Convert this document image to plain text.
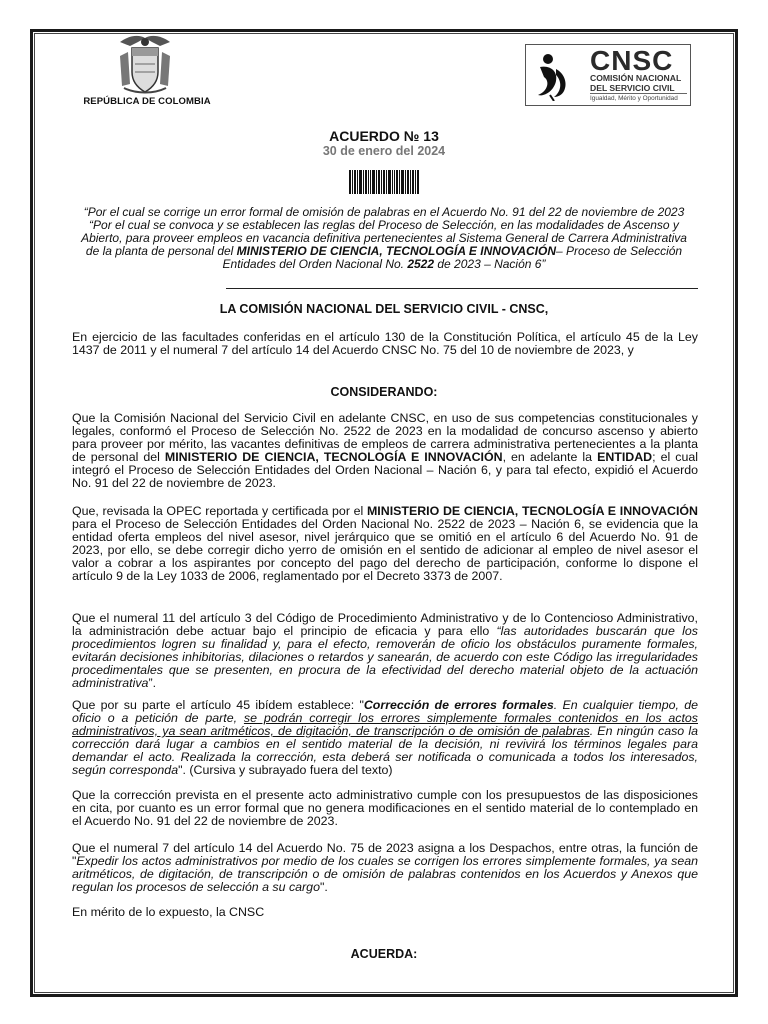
REPÚBLICA DE COLOMBIA
CNSC
COMISIÓN NACIONAL
DEL SERVICIO CIVIL
Igualdad, Mérito y Oportunidad
ACUERDO № 13
30 de enero del 2024
“Por el cual se corrige un error formal de omisión de palabras en el Acuerdo No. 91 del 22 de noviembre de 2023 “Por el cual se convoca y se establecen las reglas del Proceso de Selección, en las modalidades de Ascenso y Abierto, para proveer empleos en vacancia definitiva pertenecientes al Sistema General de Carrera Administrativa de la planta de personal del MINISTERIO DE CIENCIA, TECNOLOGÍA E INNOVACIÓN– Proceso de Selección Entidades del Orden Nacional No. 2522 de 2023 – Nación 6”
LA COMISIÓN NACIONAL DEL SERVICIO CIVIL - CNSC,

En ejercicio de las facultades conferidas en el artículo 130 de la Constitución Política, el artículo 45 de la Ley 1437 de 2011 y el numeral 7 del artículo 14 del Acuerdo CNSC No. 75 del 10 de noviembre de 2023, y

CONSIDERANDO:

Que la Comisión Nacional del Servicio Civil en adelante CNSC, en uso de sus competencias constitucionales y legales, conformó el Proceso de Selección No. 2522 de 2023 en la modalidad de concurso ascenso y abierto para proveer por mérito, las vacantes definitivas de empleos de carrera administrativa pertenecientes a la planta de personal del MINISTERIO DE CIENCIA, TECNOLOGÍA E INNOVACIÓN, en adelante la ENTIDAD; el cual integró el Proceso de Selección Entidades del Orden Nacional – Nación 6, y para tal efecto, expidió el Acuerdo No. 91 del 22 de noviembre de 2023.

Que, revisada la OPEC reportada y certificada por el MINISTERIO DE CIENCIA, TECNOLOGÍA E INNOVACIÓN para el Proceso de Selección Entidades del Orden Nacional No. 2522 de 2023 – Nación 6, se evidencia que la entidad oferta empleos del nivel asesor, nivel jerárquico que se omitió en el artículo 6 del Acuerdo No. 91 de 2023, por ello, se debe corregir dicho yerro de omisión en el sentido de adicionar al empleo de nivel asesor el valor a cobrar a los aspirantes por concepto del pago del derecho de participación, conforme lo dispone el artículo 9 de la Ley 1033 de 2006, reglamentado por el Decreto 3373 de 2007.

Que el numeral 11 del artículo 3 del Código de Procedimiento Administrativo y de lo Contencioso Administrativo, la administración debe actuar bajo el principio de eficacia y para ello “las autoridades buscarán que los procedimientos logren su finalidad y, para el efecto, removerán de oficio los obstáculos puramente formales, evitarán decisiones inhibitorias, dilaciones o retardos y sanearán, de acuerdo con este Código las irregularidades procedimentales que se presenten, en procura de la efectividad del derecho material objeto de la actuación administrativa”.

Que por su parte el artículo 45 ibídem establece: "Corrección de errores formales. En cualquier tiempo, de oficio o a petición de parte, se podrán corregir los errores simplemente formales contenidos en los actos administrativos, ya sean aritméticos, de digitación, de transcripción o de omisión de palabras. En ningún caso la corrección dará lugar a cambios en el sentido material de la decisión, ni revivirá los términos legales para demandar el acto. Realizada la corrección, esta deberá ser notificada o comunicada a todos los interesados, según corresponda". (Cursiva y subrayado fuera del texto)

Que la corrección prevista en el presente acto administrativo cumple con los presupuestos de las disposiciones en cita, por cuanto es un error formal que no genera modificaciones en el sentido material de lo contemplado en el Acuerdo No. 91 del 22 de noviembre de 2023.

Que el numeral 7 del artículo 14 del Acuerdo No. 75 de 2023 asigna a los Despachos, entre otras, la función de "Expedir los actos administrativos por medio de los cuales se corrigen los errores simplemente formales, ya sean aritméticos, de digitación, de transcripción o de omisión de palabras contenidos en los Acuerdos y Anexos que regulan los procesos de selección a su cargo".

En mérito de lo expuesto, la CNSC

ACUERDA:
